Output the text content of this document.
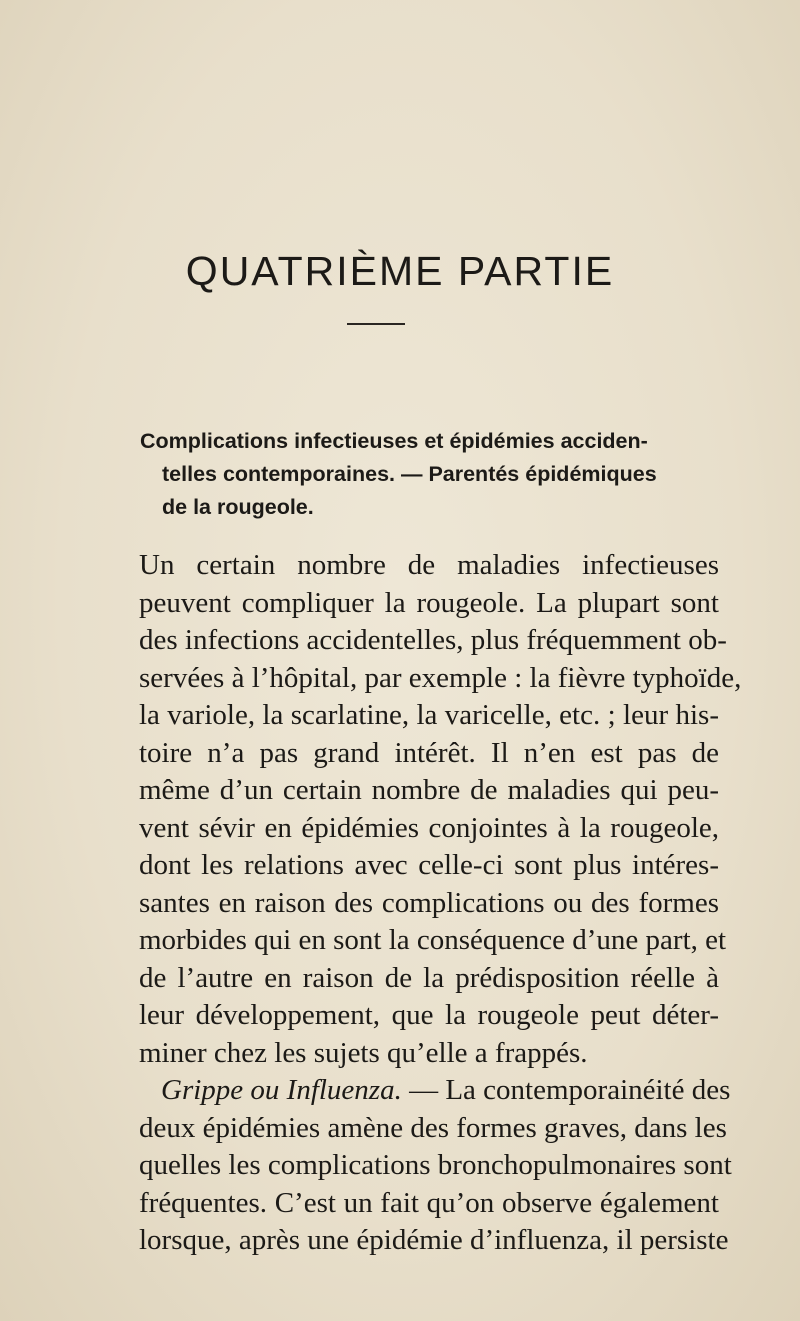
QUATRIÈME PARTIE
Complications infectieuses et épidémies acciden-
telles contemporaines. — Parentés épidémiques
de la rougeole.
Un certain nombre de maladies infectieuses
peuvent compliquer la rougeole. La plupart sont
des infections accidentelles, plus fréquemment ob-
servées à l’hôpital, par exemple : la fièvre typhoïde,
la variole, la scarlatine, la varicelle, etc. ; leur his-
toire n’a pas grand intérêt. Il n’en est pas de
même d’un certain nombre de maladies qui peu-
vent sévir en épidémies conjointes à la rougeole,
dont les relations avec celle-ci sont plus intéres-
santes en raison des complications ou des formes
morbides qui en sont la conséquence d’une part, et
de l’autre en raison de la prédisposition réelle à
leur développement, que la rougeole peut déter-
miner chez les sujets qu’elle a frappés.
Grippe ou Influenza. — La contemporainéité des
deux épidémies amène des formes graves, dans les
quelles les complications bronchopulmonaires sont
fréquentes. C’est un fait qu’on observe également
lorsque, après une épidémie d’influenza, il persiste
